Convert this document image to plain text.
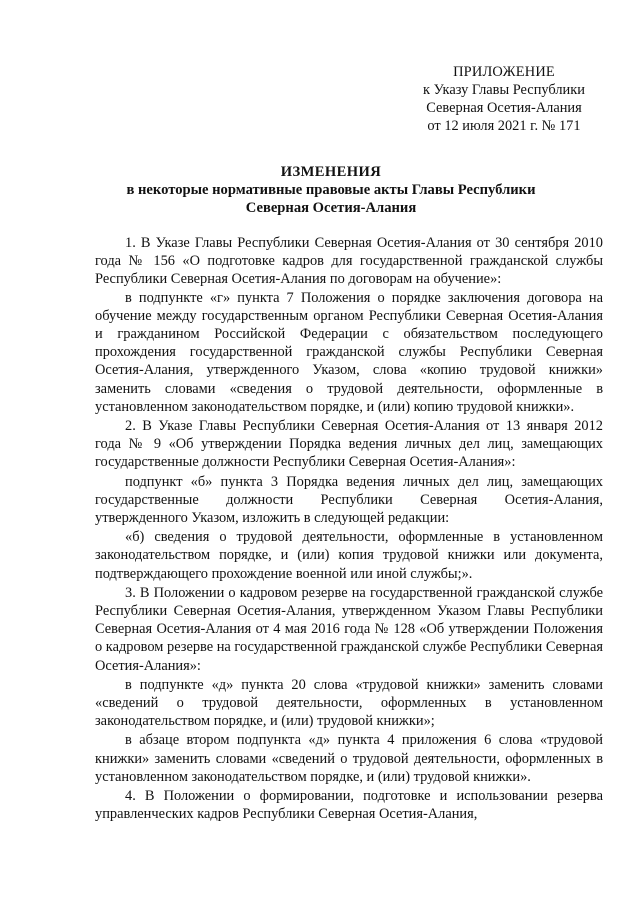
ПРИЛОЖЕНИЕ
к Указу Главы Республики
Северная Осетия-Алания
от 12 июля 2021 г. № 171
ИЗМЕНЕНИЯ
в некоторые нормативные правовые акты Главы Республики
Северная Осетия-Алания

1. В Указе Главы Республики Северная Осетия-Алания от 30 сентября 2010 года № 156 «О подготовке кадров для государственной гражданской службы Республики Северная Осетия-Алания по договорам на обучение»:

в подпункте «г» пункта 7 Положения о порядке заключения договора на обучение между государственным органом Республики Северная Осетия-Алания и гражданином Российской Федерации с обязательством последующего прохождения государственной гражданской службы Республики Северная Осетия-Алания, утвержденного Указом, слова «копию трудовой книжки» заменить словами «сведения о трудовой деятельности, оформленные в установленном законодательством порядке, и (или) копию трудовой книжки».

2. В Указе Главы Республики Северная Осетия-Алания от 13 января 2012 года № 9 «Об утверждении Порядка ведения личных дел лиц, замещающих государственные должности Республики Северная Осетия-Алания»:

подпункт «б» пункта 3 Порядка ведения личных дел лиц, замещающих государственные должности Республики Северная Осетия-Алания, утвержденного Указом, изложить в следующей редакции:

«б) сведения о трудовой деятельности, оформленные в установленном законодательством порядке, и (или) копия трудовой книжки или документа, подтверждающего прохождение военной или иной службы;».

3. В Положении о кадровом резерве на государственной гражданской службе Республики Северная Осетия-Алания, утвержденном Указом Главы Республики Северная Осетия-Алания от 4 мая 2016 года № 128 «Об утверждении Положения о кадровом резерве на государственной гражданской службе Республики Северная Осетия-Алания»:

в подпункте «д» пункта 20 слова «трудовой книжки» заменить словами «сведений о трудовой деятельности, оформленных в установленном законодательством порядке, и (или) трудовой книжки»;

в абзаце втором подпункта «д» пункта 4 приложения 6 слова «трудовой книжки» заменить словами «сведений о трудовой деятельности, оформленных в установленном законодательством порядке, и (или) трудовой книжки».

4. В Положении о формировании, подготовке и использовании резерва управленческих кадров Республики Северная Осетия-Алания,
